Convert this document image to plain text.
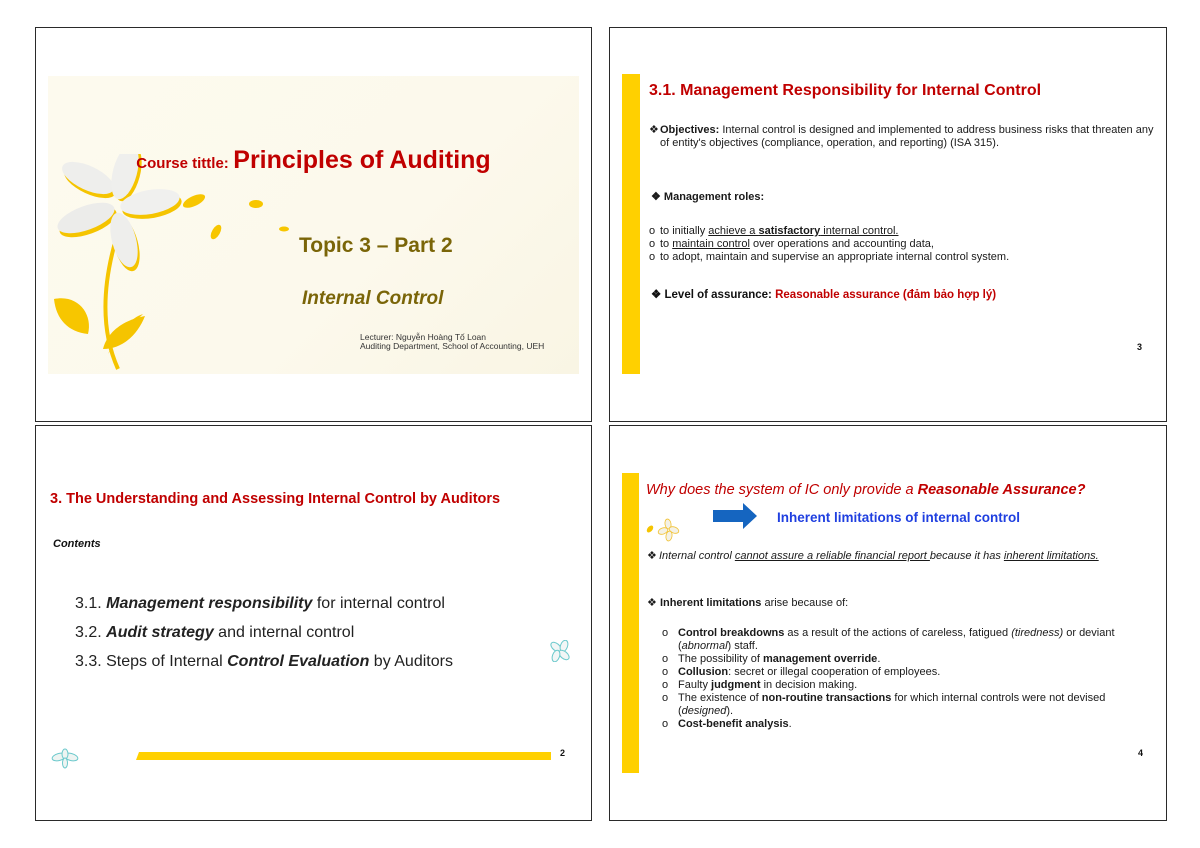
Course tittle: Principles of Auditing
Topic 3 – Part 2
Internal Control
Lecturer: Nguyễn Hoàng Tố Loan
Auditing Department, School of Accounting, UEH
3.1. Management Responsibility for Internal Control
❖ Objectives: Internal control is designed and implemented to address business risks that threaten any of entity's objectives (compliance, operation, and reporting) (ISA 315).
❖ Management roles:
o to initially achieve a satisfactory internal control.
o to maintain control over operations and accounting data,
o to adopt, maintain and supervise an appropriate internal control system.
❖ Level of assurance: Reasonable assurance (đảm bảo hợp lý)
3
3. The Understanding and Assessing Internal Control by Auditors
Contents
3.1. Management responsibility for internal control
3.2. Audit strategy and internal control
3.3. Steps of Internal Control Evaluation by Auditors
2
Why does the system of IC only provide a Reasonable Assurance?
Inherent limitations of internal control
❖ Internal control cannot assure a reliable financial report because it has inherent limitations.
❖ Inherent limitations arise because of:
o Control breakdowns as a result of the actions of careless, fatigued (tiredness) or deviant (abnormal) staff.
o The possibility of management override.
o Collusion: secret or illegal cooperation of employees.
o Faulty judgment in decision making.
o The existence of non-routine transactions for which internal controls were not devised (designed).
o Cost-benefit analysis.
4
